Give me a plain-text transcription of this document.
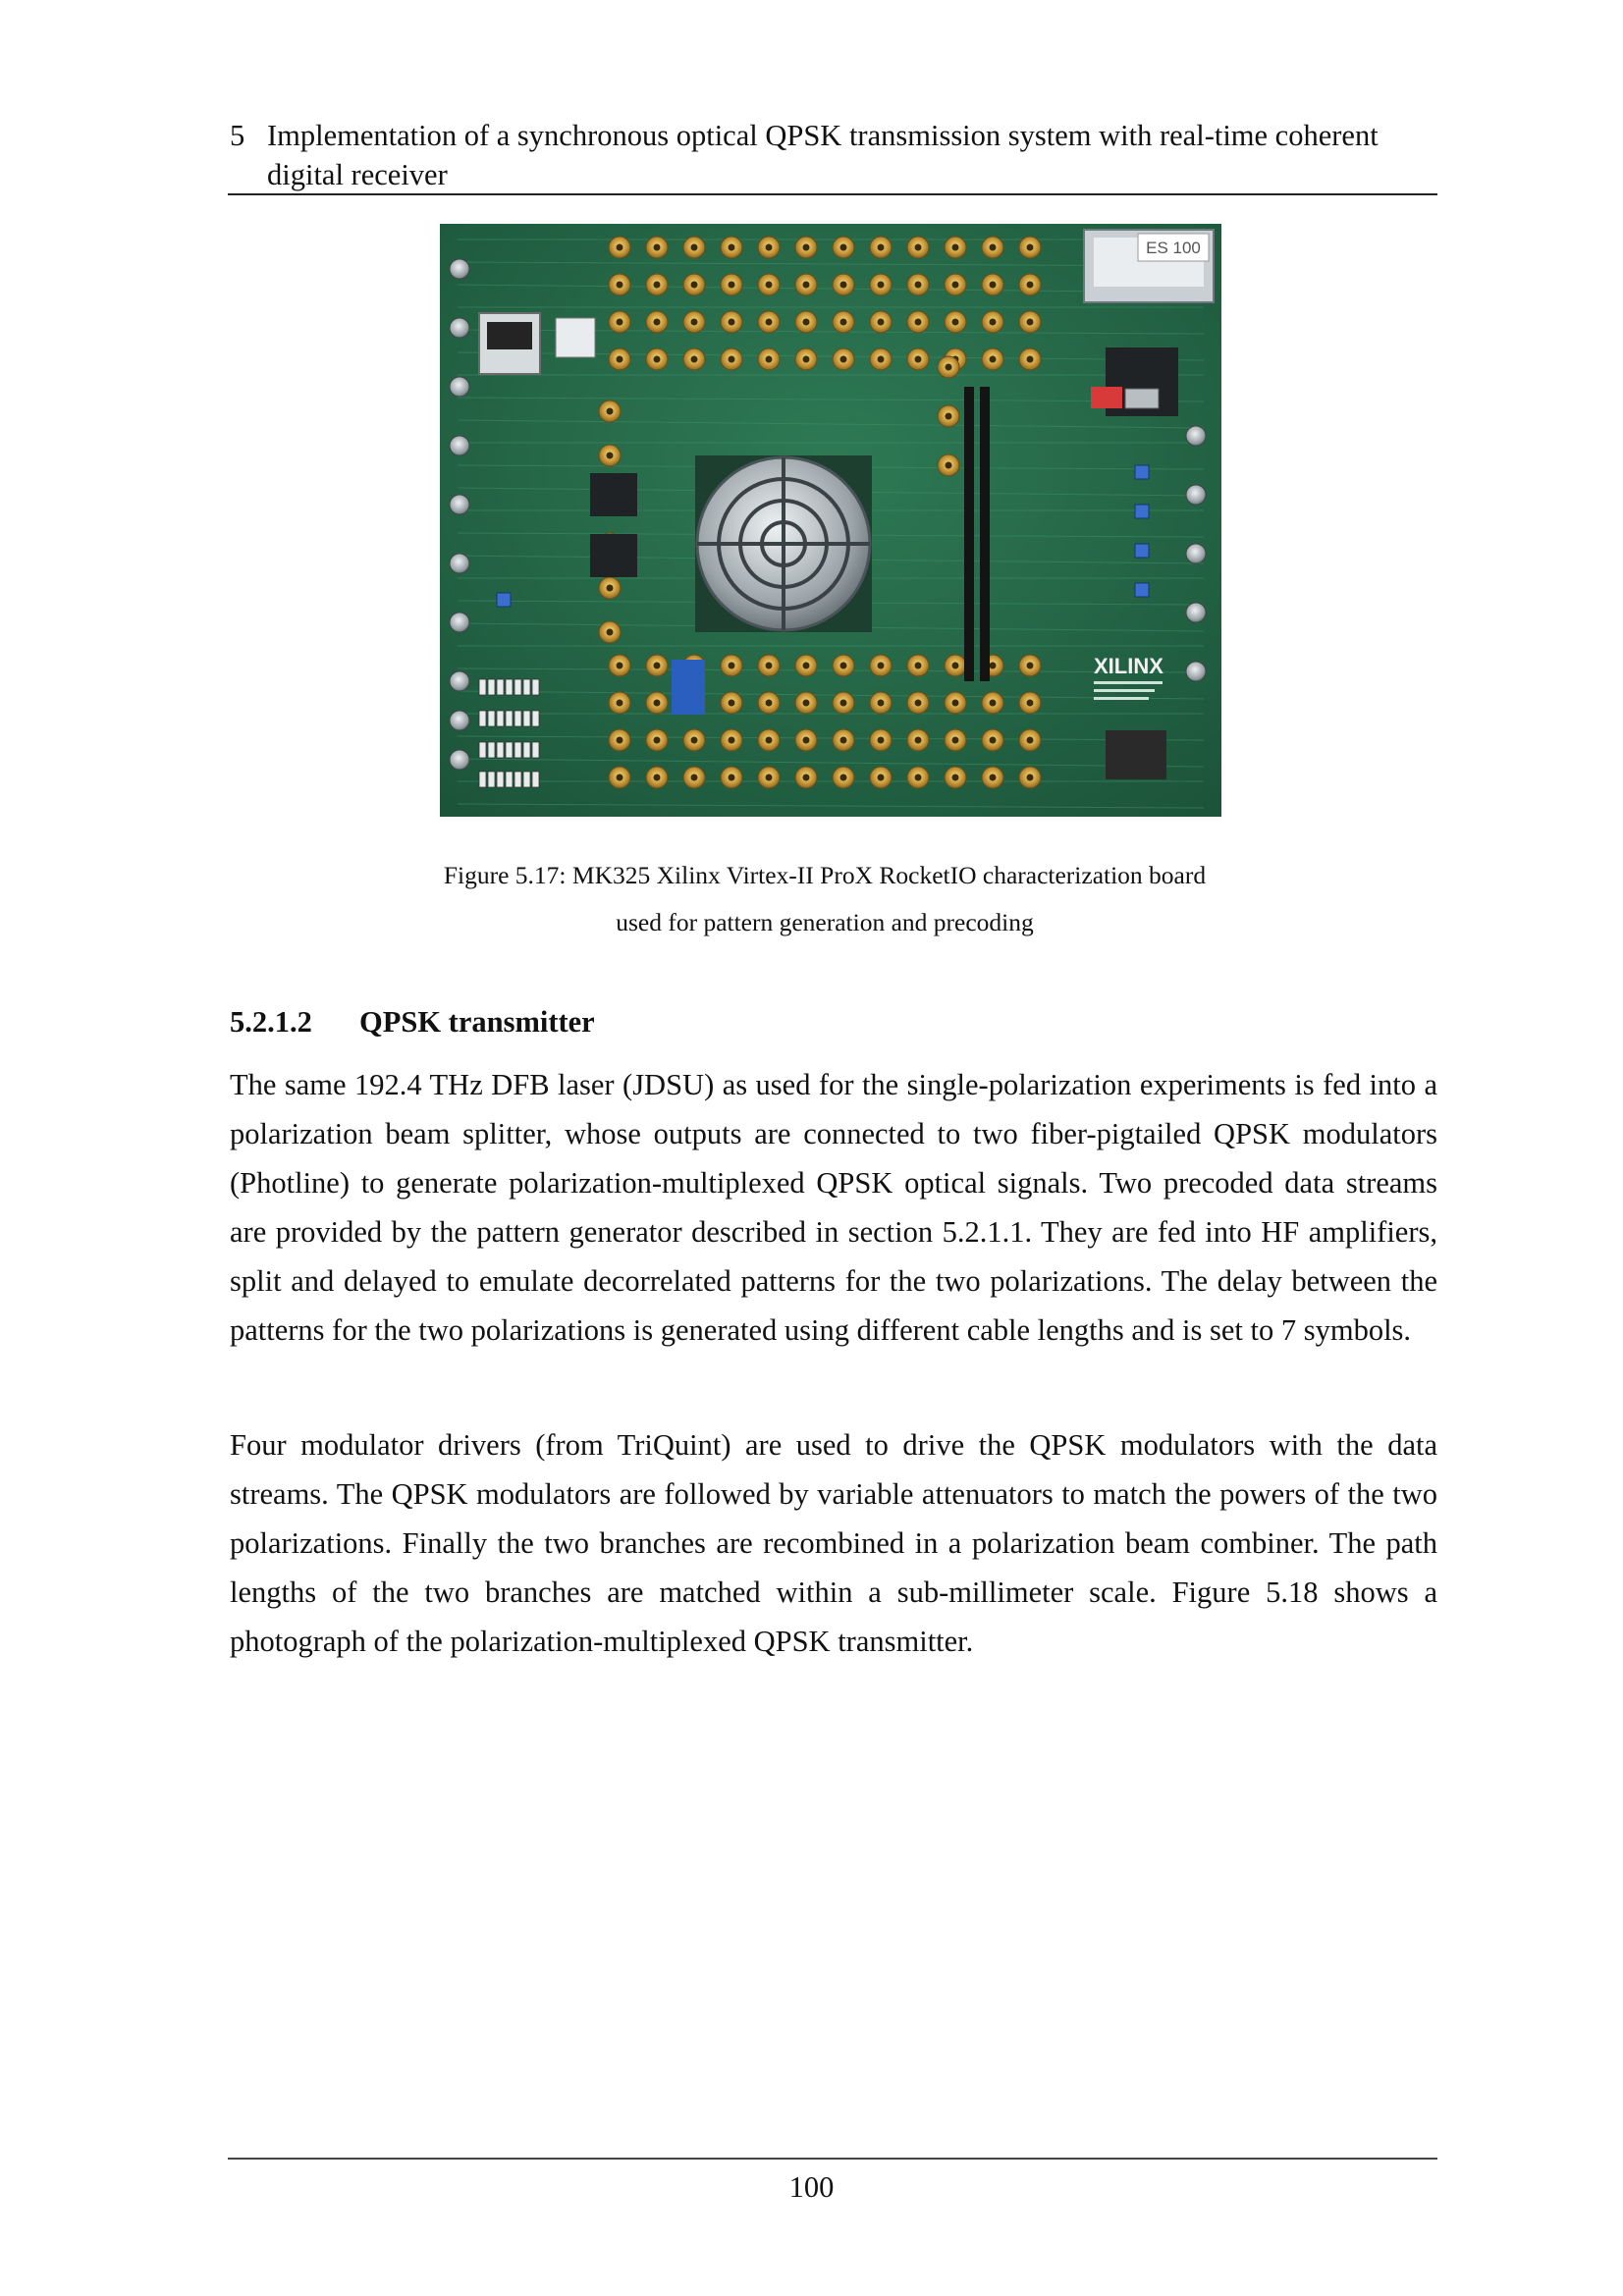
5 Implementation of a synchronous optical QPSK transmission system with real-time coherent digital receiver
ES 100
XILINX
Figure 5.17: MK325 Xilinx Virtex-II ProX RocketIO characterization board
used for pattern generation and precoding
5.2.1.2 QPSK transmitter

The same 192.4 THz DFB laser (JDSU) as used for the single-polarization experiments is fed into a polarization beam splitter, whose outputs are connected to two fiber-pigtailed QPSK modulators (Photline) to generate polarization-multiplexed QPSK optical signals. Two precoded data streams are provided by the pattern generator described in section 5.2.1.1. They are fed into HF amplifiers, split and delayed to emulate decorrelated patterns for the two polarizations. The delay between the patterns for the two polarizations is generated using different cable lengths and is set to 7 symbols.

Four modulator drivers (from TriQuint) are used to drive the QPSK modulators with the data streams. The QPSK modulators are followed by variable attenuators to match the powers of the two polarizations. Finally the two branches are recombined in a polarization beam combiner. The path lengths of the two branches are matched within a sub-millimeter scale. Figure 5.18 shows a photograph of the polarization-multiplexed QPSK transmitter.

100
